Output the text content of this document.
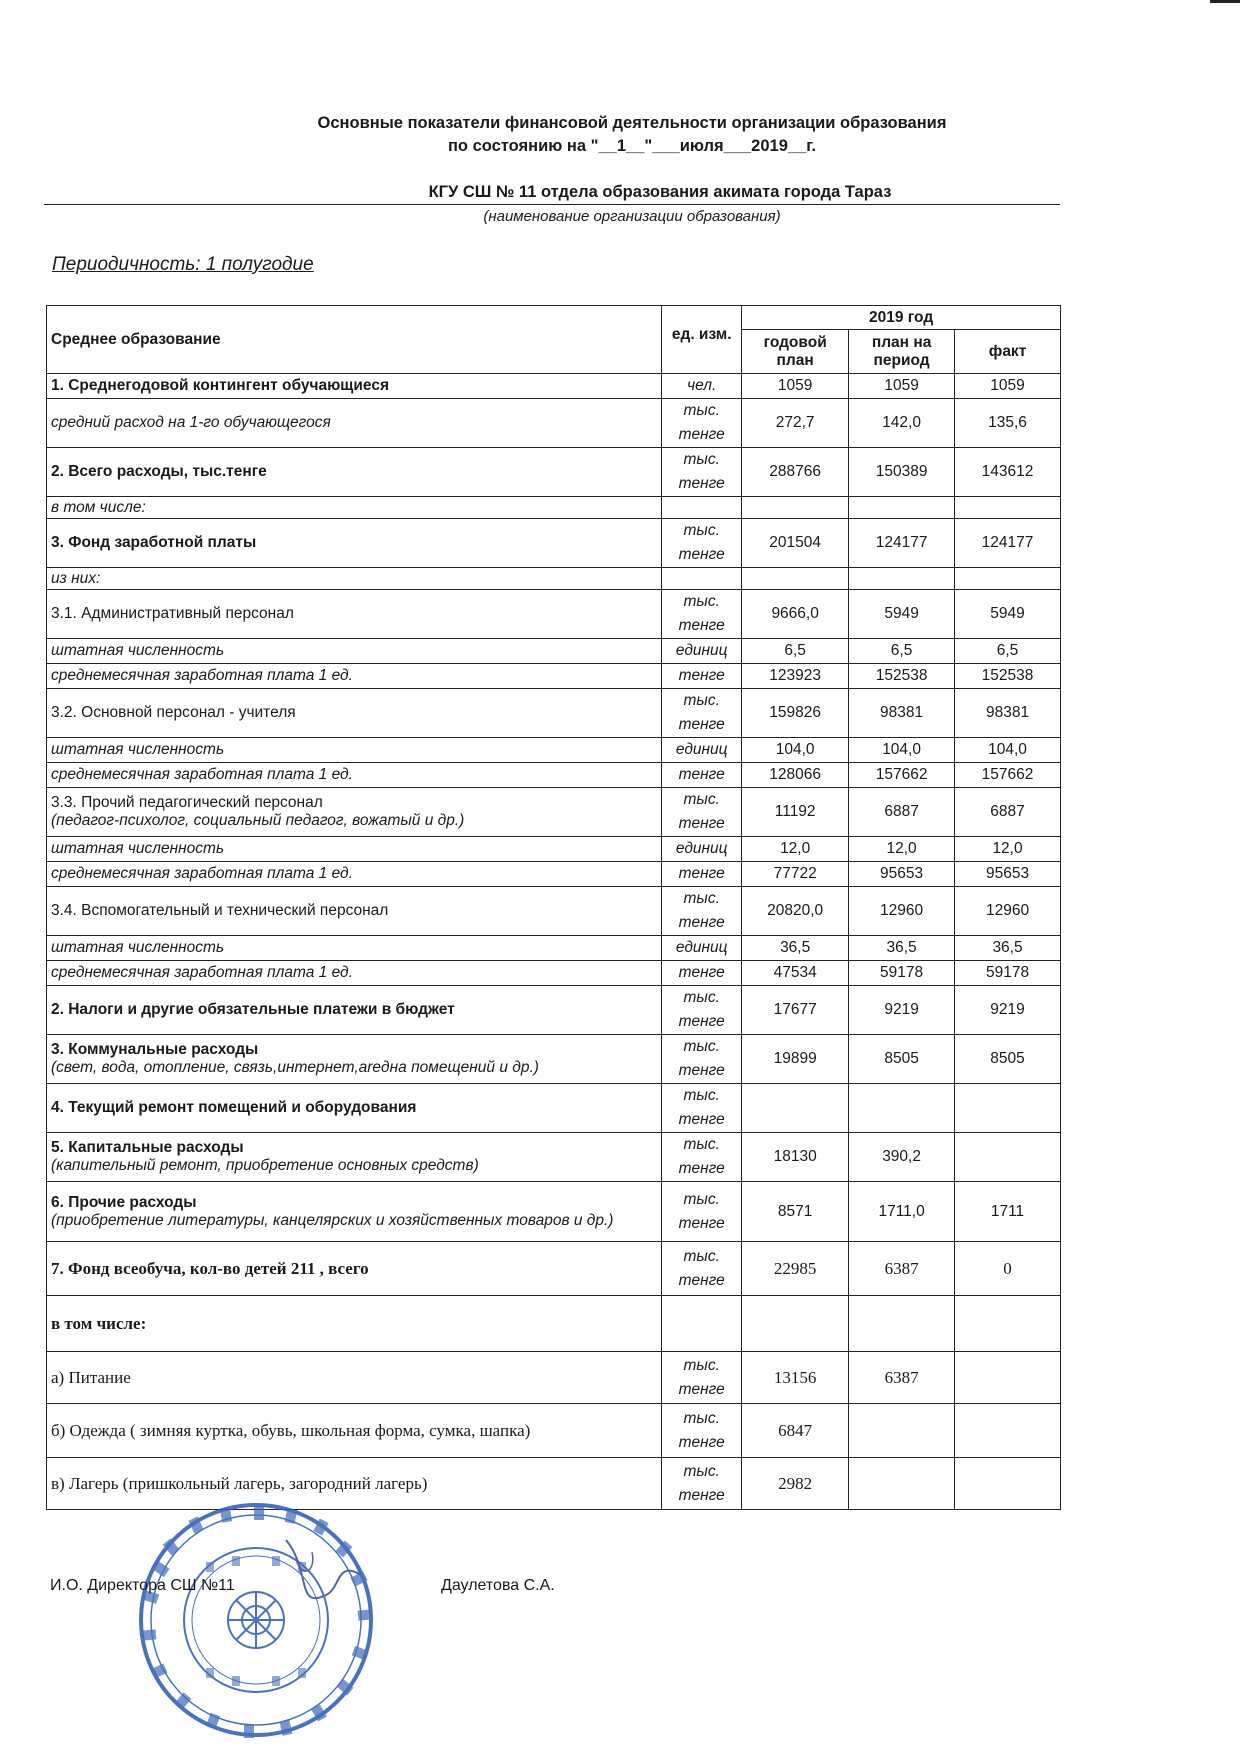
Основные показатели финансовой деятельности организации образования
по состоянию на "__1__"___июля___2019__г.
КГУ СШ № 11 отдела образования акимата города Тараз
(наименование организации образования)
Периодичность: 1 полугодие
Среднее образование	ед. изм.	2019 год		
		годовой план	план на период	факт
1. Среднегодовой контингент обучающиеся	чел.	1059	1059	1059
средний расход на 1-го обучающегося	тыс. тенге	272,7	142,0	135,6
2. Всего расходы, тыс.тенге	тыс. тенге	288766	150389	143612
в том числе:				
3. Фонд заработной платы	тыс. тенге	201504	124177	124177
из них:				
3.1. Административный персонал	тыс. тенге	9666,0	5949	5949
штатная численность	единиц	6,5	6,5	6,5
среднемесячная заработная плата 1 ед.	тенге	123923	152538	152538
3.2. Основной персонал - учителя	тыс. тенге	159826	98381	98381
штатная численность	единиц	104,0	104,0	104,0
среднемесячная заработная плата 1 ед.	тенге	128066	157662	157662
3.3. Прочий педагогический персонал
(педагог-психолог, социальный педагог, вожатый и др.)	тыс. тенге	11192	6887	6887
штатная численность	единиц	12,0	12,0	12,0
среднемесячная заработная плата 1 ед.	тенге	77722	95653	95653
3.4. Вспомогательный и технический персонал	тыс. тенге	20820,0	12960	12960
штатная численность	единиц	36,5	36,5	36,5
среднемесячная заработная плата 1 ед.	тенге	47534	59178	59178
2. Налоги и другие обязательные платежи в бюджет	тыс. тенге	17677	9219	9219
3. Коммунальные расходы
(свет, вода, отопление, связь,интернет,areдна помещений и др.)	тыс. тенге	19899	8505	8505
4. Текущий ремонт помещений и оборудования	тыс. тенге			
5. Капитальные расходы
(капительный ремонт, приобретение основных средств)	тыс. тенге	18130	390,2	
6. Прочие расходы
(приобретение литературы, канцелярских и хозяйственных товаров и др.)	тыс. тенге	8571	1711,0	1711
7. Фонд всеобуча, кол-во детей 211 , всего	тыс. тенге	22985	6387	0
в том числе:				
а) Питание	тыс. тенге	13156	6387	
б) Одежда ( зимняя куртка, обувь, школьная форма, сумка, шапка)	тыс. тенге	6847		
в) Лагерь (пришкольный лагерь, загородний лагерь)	тыс. тенге	2982		
И.О. Директора СШ №11	Даулетова С.А.
